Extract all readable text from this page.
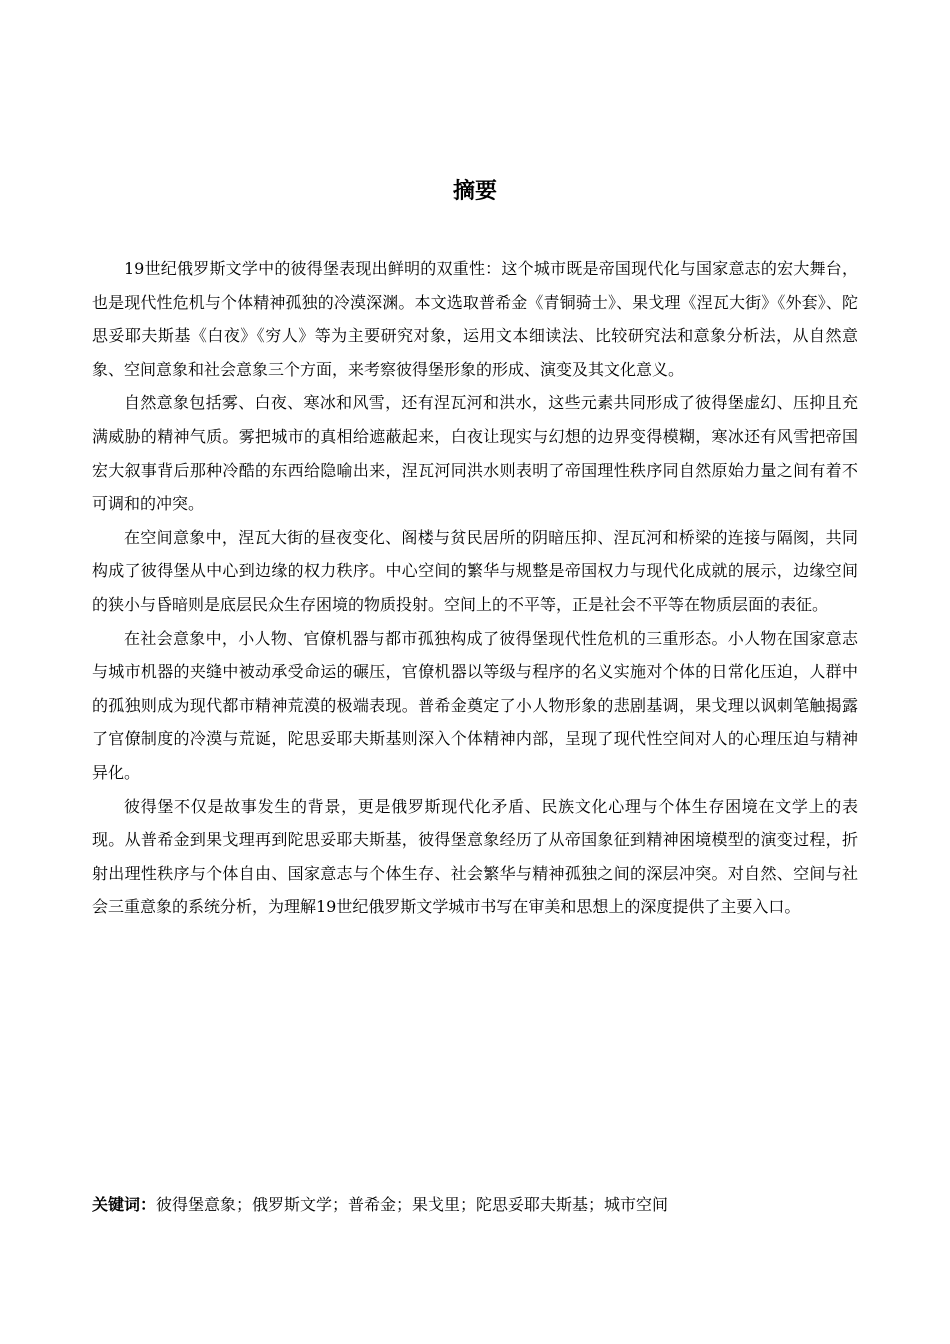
摘要

19世纪俄罗斯文学中的彼得堡表现出鲜明的双重性：这个城市既是帝国现代化与国家意志的宏大舞台，也是现代性危机与个体精神孤独的冷漠深渊。本文选取普希金《青铜骑士》、果戈理《涅瓦大街》《外套》、陀思妥耶夫斯基《白夜》《穷人》等为主要研究对象，运用文本细读法、比较研究法和意象分析法，从自然意象、空间意象和社会意象三个方面，来考察彼得堡形象的形成、演变及其文化意义。

自然意象包括雾、白夜、寒冰和风雪，还有涅瓦河和洪水，这些元素共同形成了彼得堡虚幻、压抑且充满威胁的精神气质。雾把城市的真相给遮蔽起来，白夜让现实与幻想的边界变得模糊，寒冰还有风雪把帝国宏大叙事背后那种冷酷的东西给隐喻出来，涅瓦河同洪水则表明了帝国理性秩序同自然原始力量之间有着不可调和的冲突。

在空间意象中，涅瓦大街的昼夜变化、阁楼与贫民居所的阴暗压抑、涅瓦河和桥梁的连接与隔阂，共同构成了彼得堡从中心到边缘的权力秩序。中心空间的繁华与规整是帝国权力与现代化成就的展示，边缘空间的狭小与昏暗则是底层民众生存困境的物质投射。空间上的不平等，正是社会不平等在物质层面的表征。

在社会意象中，小人物、官僚机器与都市孤独构成了彼得堡现代性危机的三重形态。小人物在国家意志与城市机器的夹缝中被动承受命运的碾压，官僚机器以等级与程序的名义实施对个体的日常化压迫，人群中的孤独则成为现代都市精神荒漠的极端表现。普希金奠定了小人物形象的悲剧基调，果戈理以讽刺笔触揭露了官僚制度的冷漠与荒诞，陀思妥耶夫斯基则深入个体精神内部，呈现了现代性空间对人的心理压迫与精神异化。

彼得堡不仅是故事发生的背景，更是俄罗斯现代化矛盾、民族文化心理与个体生存困境在文学上的表现。从普希金到果戈理再到陀思妥耶夫斯基，彼得堡意象经历了从帝国象征到精神困境模型的演变过程，折射出理性秩序与个体自由、国家意志与个体生存、社会繁华与精神孤独之间的深层冲突。对自然、空间与社会三重意象的系统分析，为理解19世纪俄罗斯文学城市书写在审美和思想上的深度提供了主要入口。

关键词：彼得堡意象；俄罗斯文学；普希金；果戈里；陀思妥耶夫斯基；城市空间
